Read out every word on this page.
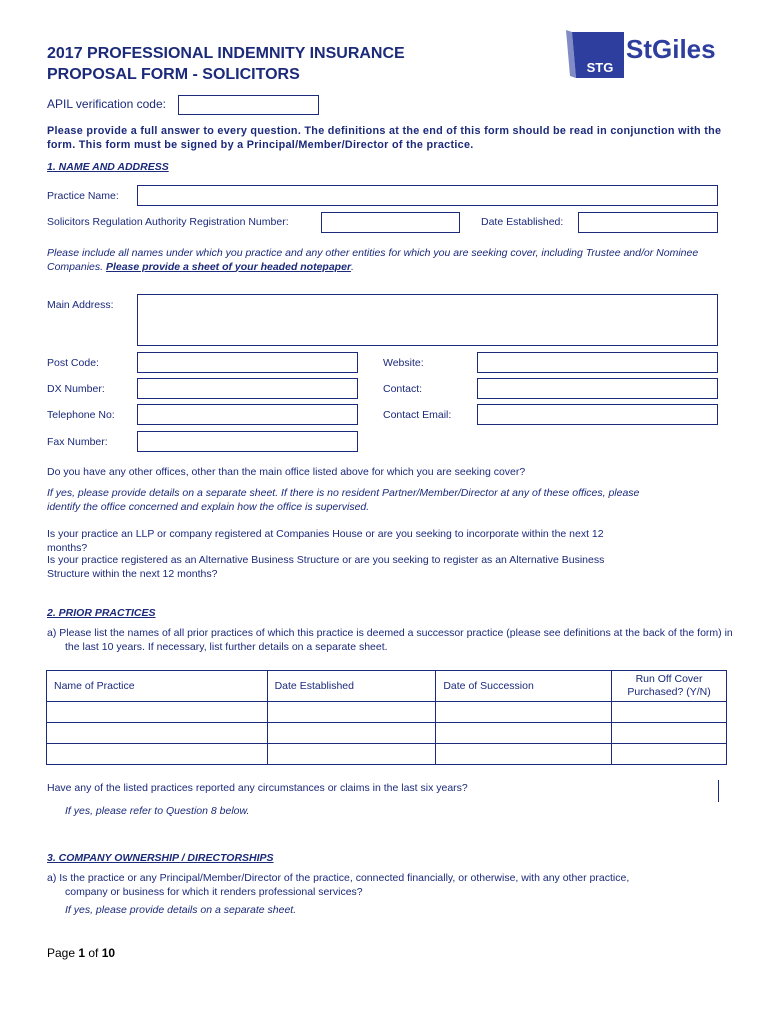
2017 PROFESSIONAL INDEMNITY INSURANCE
PROPOSAL FORM - SOLICITORS	STG
StGiles
APIL verification code:
Please provide a full answer to every question. The definitions at the end of this form should be read in conjunction with the form. This form must be signed by a Principal/Member/Director of the practice.
1. NAME AND ADDRESS
Practice Name:
Solicitors Regulation Authority Registration Number:	Date Established:
Please include all names under which you practice and any other entities for which you are seeking cover, including Trustee and/or Nominee Companies. Please provide a sheet of your headed notepaper.
Main Address:
Post Code:	Website:
DX Number:	Contact:
Telephone No:	Contact Email:
Fax Number:
Do you have any other offices, other than the main office listed above for which you are seeking cover?
If yes, please provide details on a separate sheet. If there is no resident Partner/Member/Director at any of these offices, please identify the office concerned and explain how the office is supervised.
Is your practice an LLP or company registered at Companies House or are you seeking to incorporate within the next 12 months?
Is your practice registered as an Alternative Business Structure or are you seeking to register as an Alternative Business Structure within the next 12 months?
2. PRIOR PRACTICES
a) Please list the names of all prior practices of which this practice is deemed a successor practice (please see definitions at the back of the form) in the last 10 years. If necessary, list further details on a separate sheet.
Name of Practice	Date Established	Date of Succession	Run Off Cover Purchased? (Y/N)

Have any of the listed practices reported any circumstances or claims in the last six years?
If yes, please refer to Question 8 below.
3. COMPANY OWNERSHIP / DIRECTORSHIPS
a) Is the practice or any Principal/Member/Director of the practice, connected financially, or otherwise, with any other practice, company or business for which it renders professional services?
If yes, please provide details on a separate sheet.
Page 1 of 10
